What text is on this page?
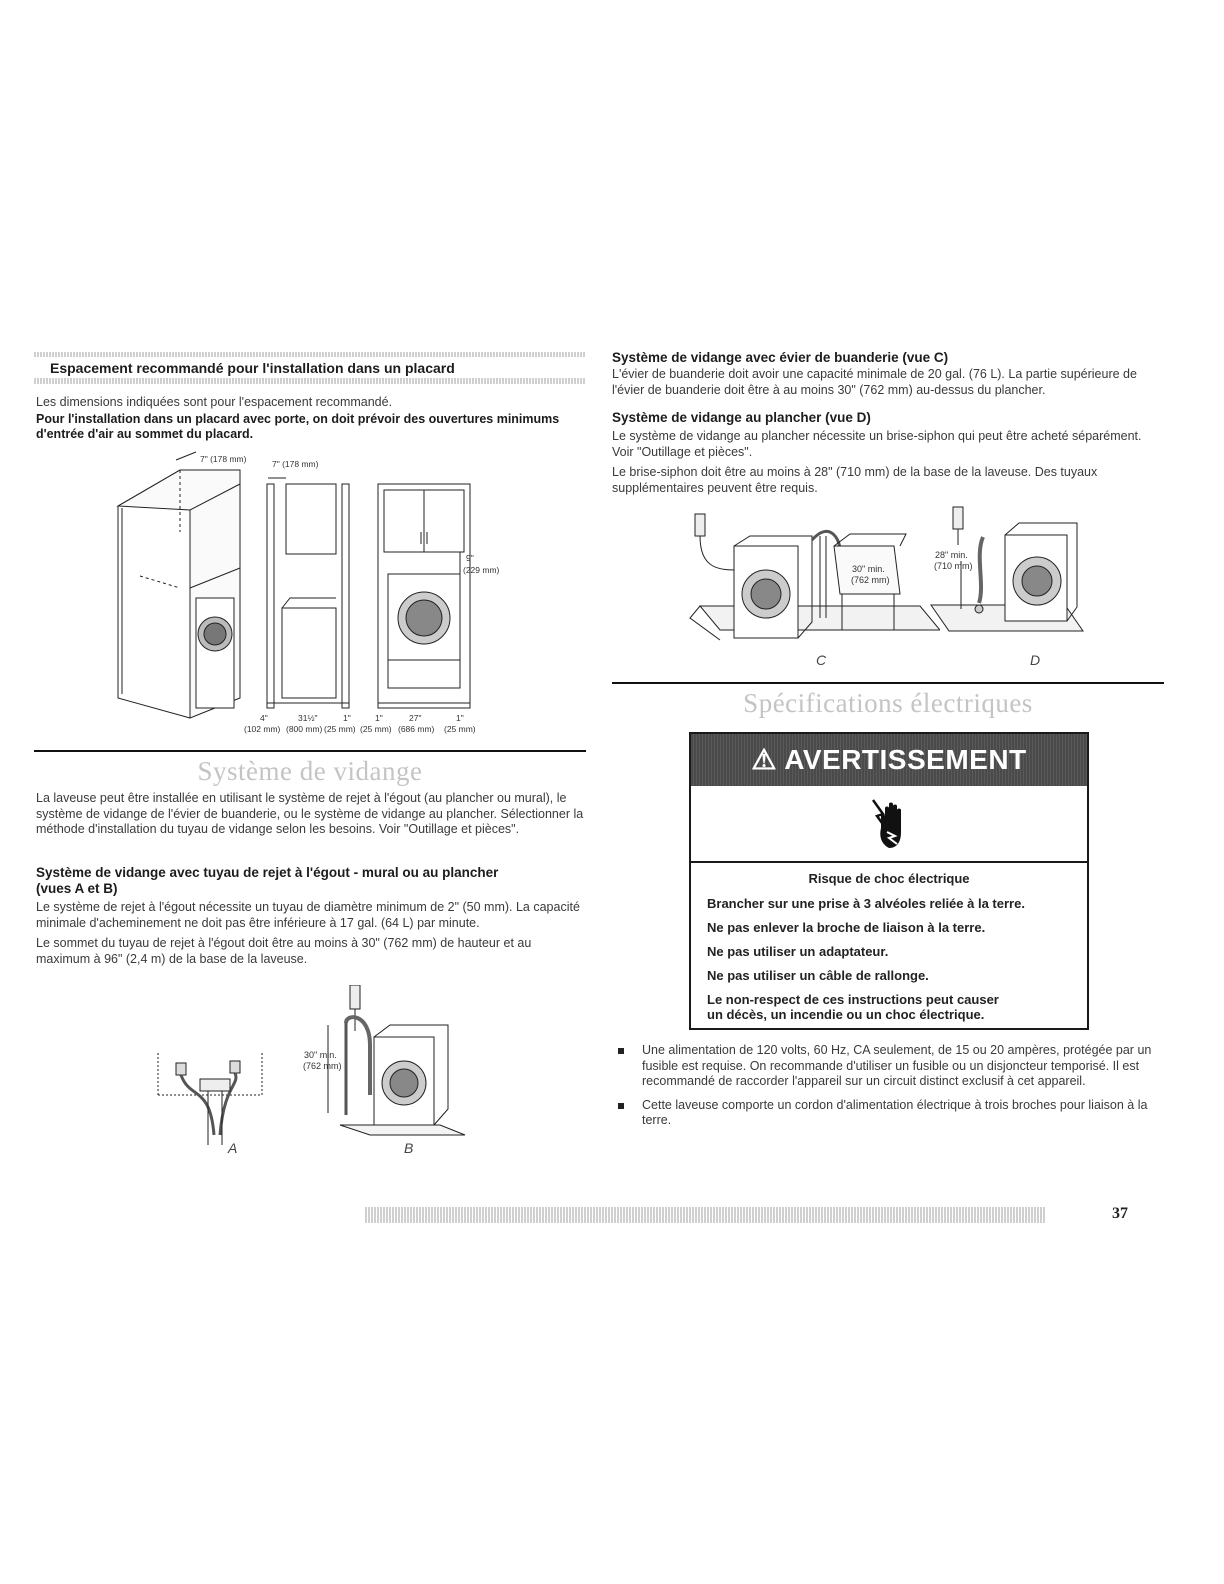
Espacement recommandé pour l'installation dans un placard
Les dimensions indiquées sont pour l'espacement recommandé.
Pour l'installation dans un placard avec porte, on doit prévoir des ouvertures minimums d'entrée d'air au sommet du placard.
7" (178 mm)	7" (178 mm)
9"
(229 mm)
4"	31½"	1"	1"	27"	1"
(102 mm) (800 mm) (25 mm) (25 mm) (686 mm) (25 mm)
Système de vidange
La laveuse peut être installée en utilisant le système de rejet à l'égout (au plancher ou mural), le système de vidange de l'évier de buanderie, ou le système de vidange au plancher. Sélectionner la méthode d'installation du tuyau de vidange selon les besoins. Voir "Outillage et pièces".
Système de vidange avec tuyau de rejet à l'égout - mural ou au plancher (vues A et B)
Le système de rejet à l'égout nécessite un tuyau de diamètre minimum de 2" (50 mm). La capacité minimale d'acheminement ne doit pas être inférieure à 17 gal. (64 L) par minute.
Le sommet du tuyau de rejet à l'égout doit être au moins à 30" (762 mm) de hauteur et au maximum à 96" (2,4 m) de la base de la laveuse.
A
30" min.
(762 mm)
B
Système de vidange avec évier de buanderie (vue C)
L'évier de buanderie doit avoir une capacité minimale de 20 gal. (76 L). La partie supérieure de l'évier de buanderie doit être à au moins 30" (762 mm) au-dessus du plancher.
Système de vidange au plancher (vue D)
Le système de vidange au plancher nécessite un brise-siphon qui peut être acheté séparément. Voir "Outillage et pièces".
Le brise-siphon doit être au moins à 28" (710 mm) de la base de la laveuse. Des tuyaux supplémentaires peuvent être requis.
30" min.
(762 mm)
C
28" min.
(710 mm)
D
Spécifications électriques
⚠ AVERTISSEMENT
Risque de choc électrique
Brancher sur une prise à 3 alvéoles reliée à la terre.
Ne pas enlever la broche de liaison à la terre.
Ne pas utiliser un adaptateur.
Ne pas utiliser un câble de rallonge.
Le non-respect de ces instructions peut causer
un décès, un incendie ou un choc électrique.
Une alimentation de 120 volts, 60 Hz, CA seulement, de 15 ou 20 ampères, protégée par un fusible est requise. On recommande d'utiliser un fusible ou un disjoncteur temporisé. Il est recommandé de raccorder l'appareil sur un circuit distinct exclusif à cet appareil.
Cette laveuse comporte un cordon d'alimentation électrique à trois broches pour liaison à la terre.
37
